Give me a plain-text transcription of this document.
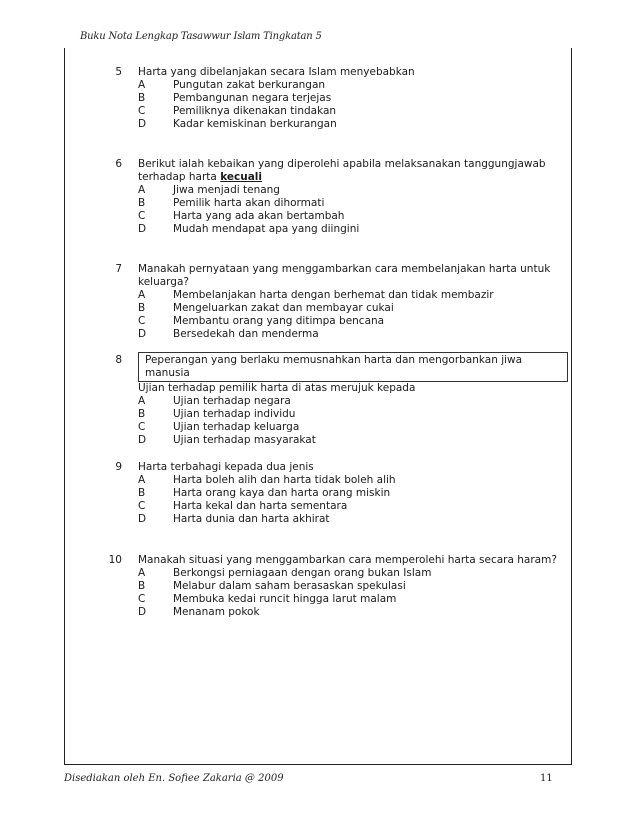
Buku Nota Lengkap Tasawwur Islam Tingkatan 5
5 Harta yang dibelanjakan secara Islam menyebabkan
A	Pungutan zakat berkurangan
B	Pembangunan negara terjejas
C	Pemiliknya dikenakan tindakan
D	Kadar kemiskinan berkurangan
6 Berikut ialah kebaikan yang diperolehi apabila melaksanakan tanggungjawab
terhadap harta kecuali
A	Jiwa menjadi tenang
B	Pemilik harta akan dihormati
C	Harta yang ada akan bertambah
D	Mudah mendapat apa yang diingini
7 Manakah pernyataan yang menggambarkan cara membelanjakan harta untuk
keluarga?
A	Membelanjakan harta dengan berhemat dan tidak membazir
B	Mengeluarkan zakat dan membayar cukai
C	Membantu orang yang ditimpa bencana
D	Bersedekah dan menderma
8	Peperangan yang berlaku memusnahkan harta dan mengorbankan jiwa
manusia
Ujian terhadap pemilik harta di atas merujuk kepada
A	Ujian terhadap negara
B	Ujian terhadap individu
C	Ujian terhadap keluarga
D	Ujian terhadap masyarakat
9 Harta terbahagi kepada dua jenis
A	Harta boleh alih dan harta tidak boleh alih
B	Harta orang kaya dan harta orang miskin
C	Harta kekal dan harta sementara
D	Harta dunia dan harta akhirat
10 Manakah situasi yang menggambarkan cara memperolehi harta secara haram?
A	Berkongsi perniagaan dengan orang bukan Islam
B	Melabur dalam saham berasaskan spekulasi
C	Membuka kedai runcit hingga larut malam
D	Menanam pokok
Disediakan oleh En. Sofiee Zakaria @ 2009	11
